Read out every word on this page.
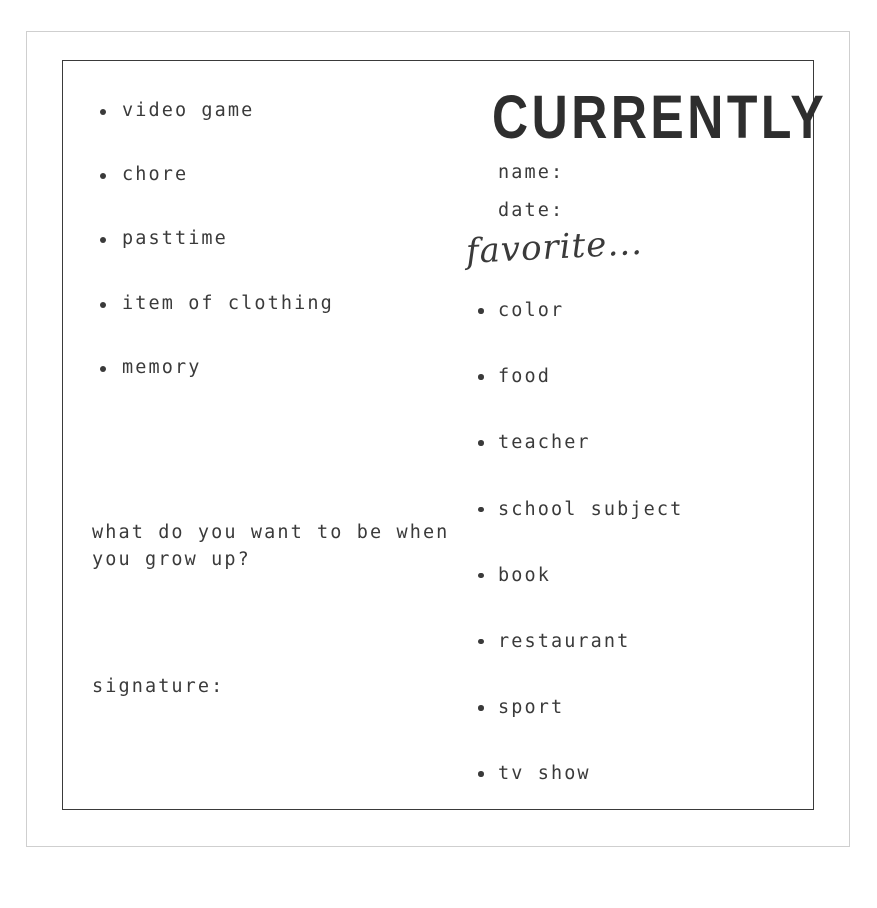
video game
chore
pasttime
item of clothing
memory
what do you want to be when you grow up?
signature:
CURRENTLY
name:
date:
favorite...
color
food
teacher
school subject
book
restaurant
sport
tv show
